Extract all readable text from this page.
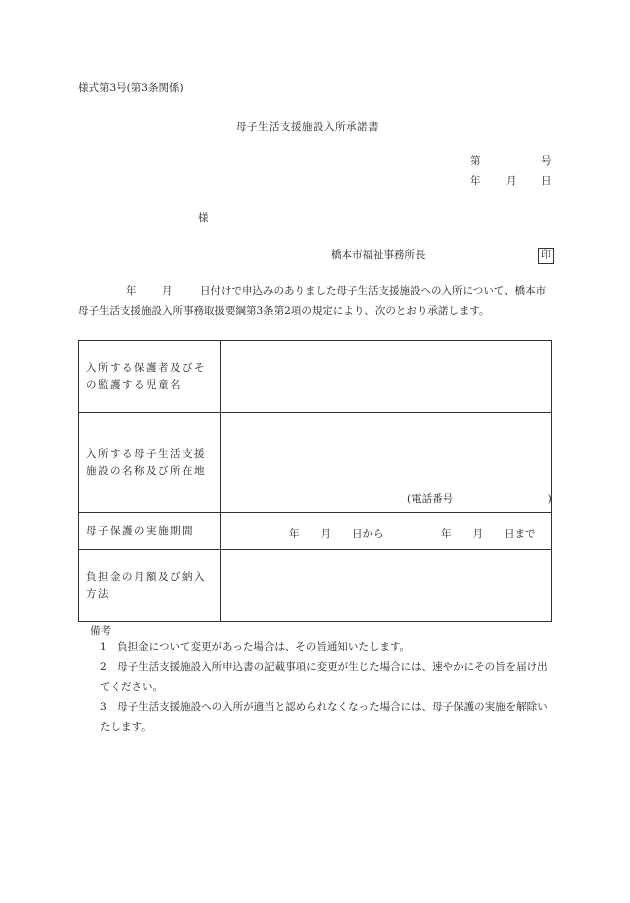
様式第3号(第3条関係)
母子生活支援施設入所承諾書
第	号
年 月 日
様
橋本市福祉事務所長	印
年 月	日付けで申込みのありました母子生活支援施設への入所について、橋本市母子生活支援施設入所事務取扱要綱第3条第2項の規定により、次のとおり承諾します。
入所する保護者及びその監護する児童名	
入所する母子生活支援施設の名称及び所在地	(電話番号　　　　　　　　　)

母子保護の実施期間	年　　月　　日から 年　　月　　日まで

負担金の月額及び納入方法	
備考
1　負担金について変更があった場合は、その旨通知いたします。
2　母子生活支援施設入所申込書の記載事項に変更が生じた場合には、速やかにその旨を届け出てください。
3　母子生活支援施設への入所が適当と認められなくなった場合には、母子保護の実施を解除いたします。
